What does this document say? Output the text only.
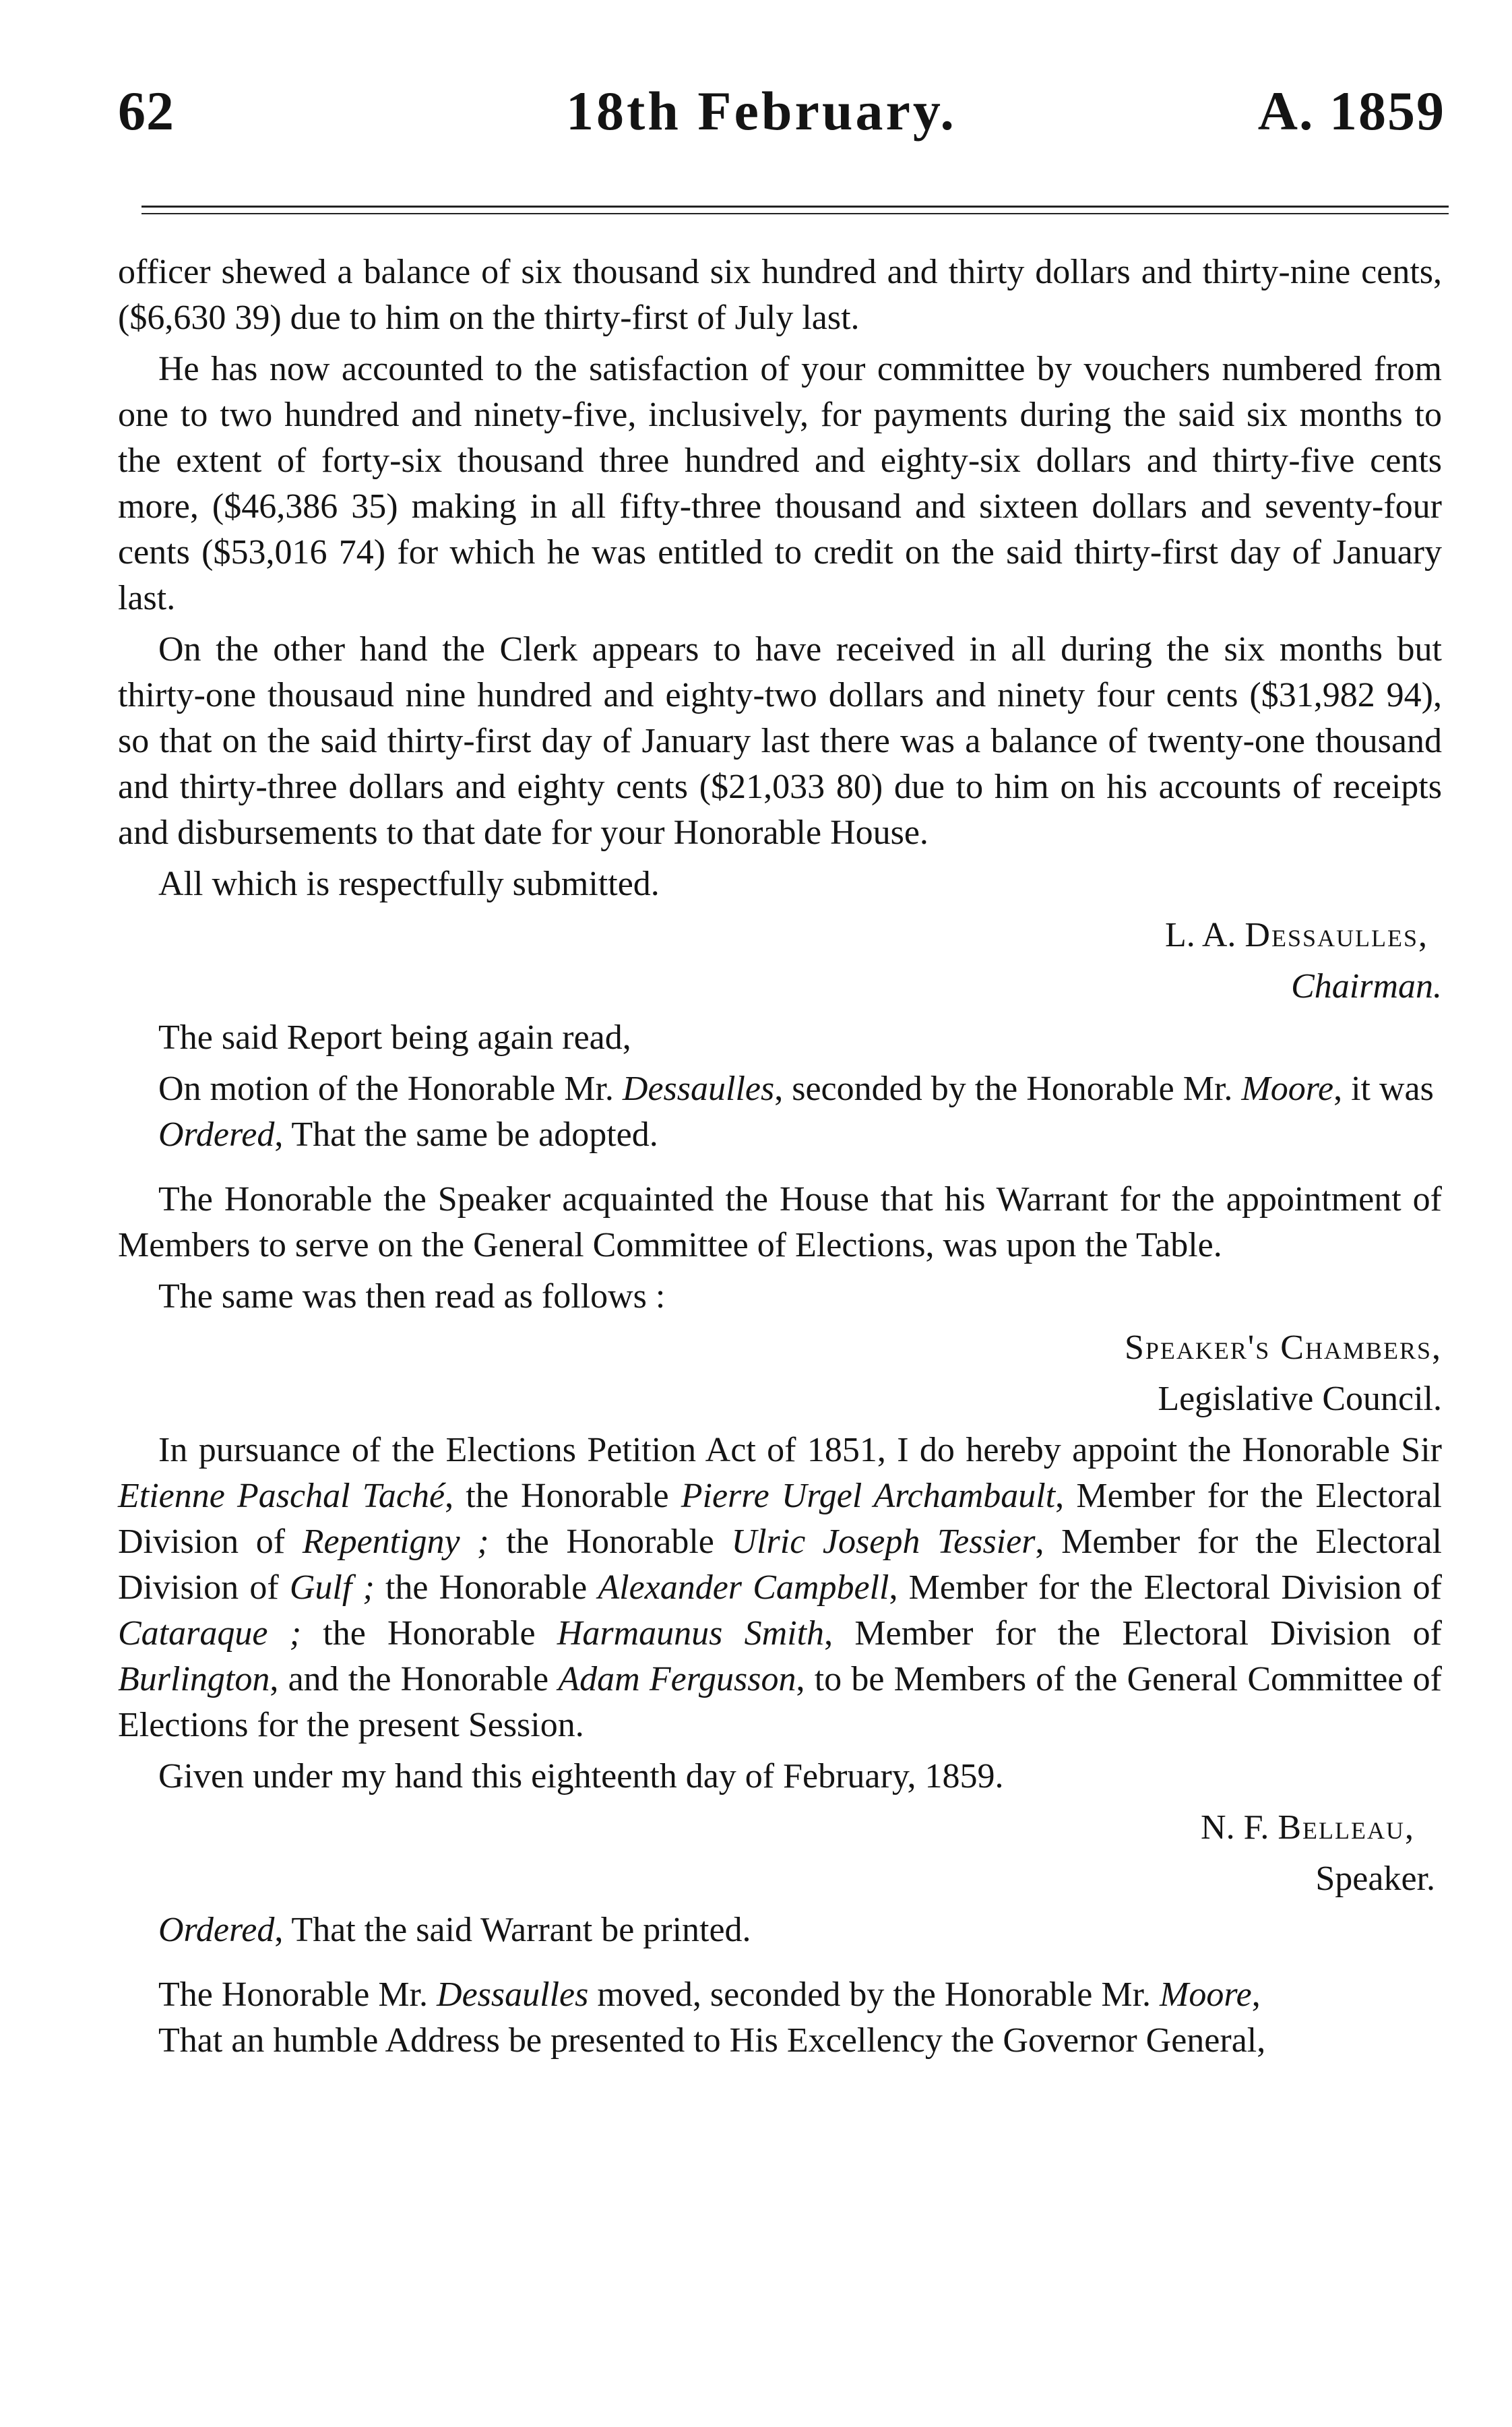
62	18th February.	A. 1859

officer shewed a balance of six thousand six hundred and thirty dollars and thirty-nine cents, ($6,630 39) due to him on the thirty-first of July last.

He has now accounted to the satisfaction of your committee by vouchers numbered from one to two hundred and ninety-five, inclusively, for payments during the said six months to the extent of forty-six thousand three hundred and eighty-six dollars and thirty-five cents more, ($46,386 35) making in all fifty-three thousand and sixteen dollars and seventy-four cents ($53,016 74) for which he was entitled to credit on the said thirty-first day of January last.

On the other hand the Clerk appears to have received in all during the six months but thirty-one thousaud nine hundred and eighty-two dollars and ninety four cents ($31,982 94), so that on the said thirty-first day of January last there was a balance of twenty-one thousand and thirty-three dollars and eighty cents ($21,033 80) due to him on his accounts of receipts and disbursements to that date for your Honorable House.

All which is respectfully submitted.

L. A. Dessaulles,

Chairman.

The said Report being again read,

On motion of the Honorable Mr. Dessaulles, seconded by the Honorable Mr. Moore, it was

Ordered, That the same be adopted.

The Honorable the Speaker acquainted the House that his Warrant for the appointment of Members to serve on the General Committee of Elections, was upon the Table.

The same was then read as follows :

Speaker's Chambers,

Legislative Council.

In pursuance of the Elections Petition Act of 1851, I do hereby appoint the Honorable Sir Etienne Paschal Taché, the Honorable Pierre Urgel Archambault, Member for the Electoral Division of Repentigny ; the Honorable Ulric Joseph Tessier, Member for the Electoral Division of Gulf ; the Honorable Alexander Campbell, Member for the Electoral Division of Cataraque ; the Honorable Harmaunus Smith, Member for the Electoral Division of Burlington, and the Honorable Adam Fergusson, to be Members of the General Committee of Elections for the present Session.

Given under my hand this eighteenth day of February, 1859.

N. F. Belleau,

Speaker.

Ordered, That the said Warrant be printed.

The Honorable Mr. Dessaulles moved, seconded by the Honorable Mr. Moore,

That an humble Address be presented to His Excellency the Governor General,
